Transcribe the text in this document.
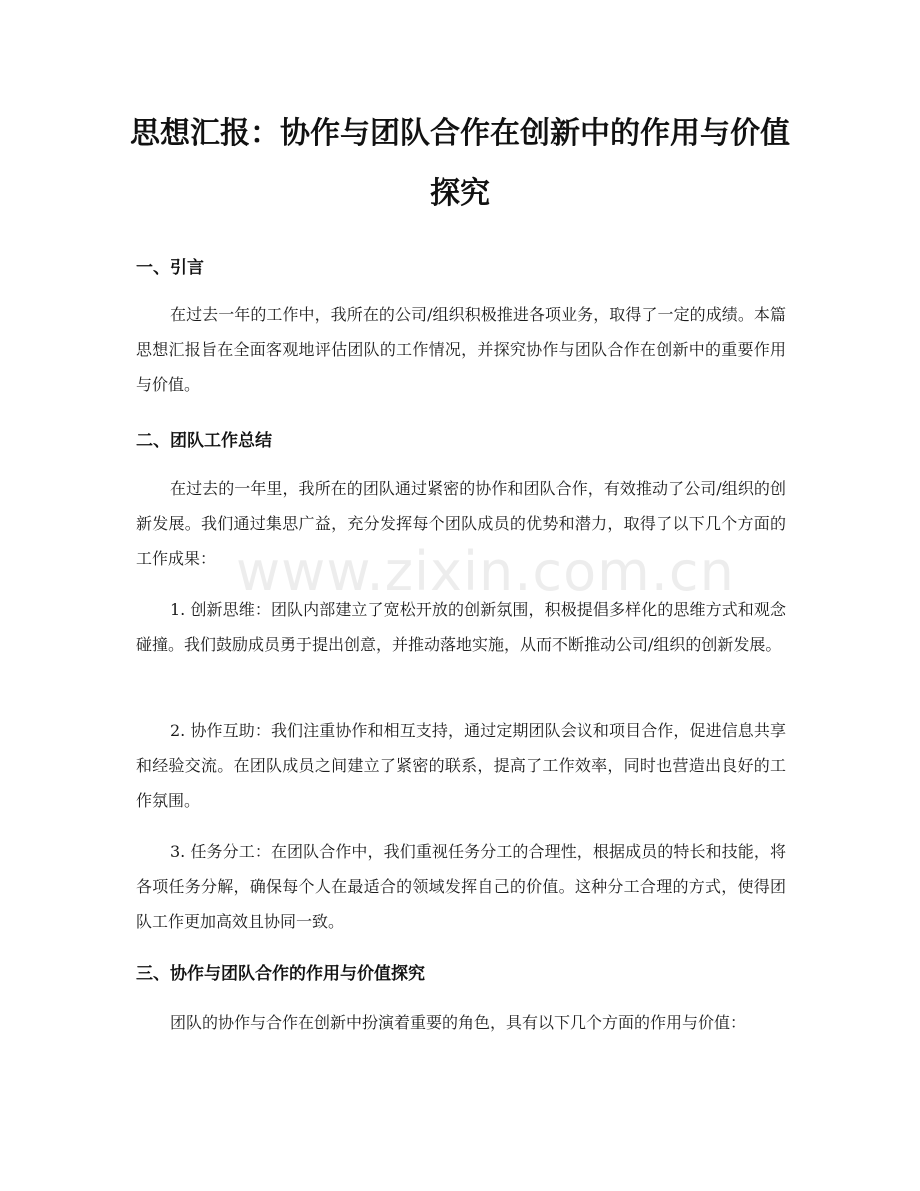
思想汇报：协作与团队合作在创新中的作用与价值探究
www.zixin.com.cn
一、引言

在过去一年的工作中，我所在的公司/组织积极推进各项业务，取得了一定的成绩。本篇思想汇报旨在全面客观地评估团队的工作情况，并探究协作与团队合作在创新中的重要作用与价值。

二、团队工作总结

在过去的一年里，我所在的团队通过紧密的协作和团队合作，有效推动了公司/组织的创新发展。我们通过集思广益，充分发挥每个团队成员的优势和潜力，取得了以下几个方面的工作成果：

1. 创新思维：团队内部建立了宽松开放的创新氛围，积极提倡多样化的思维方式和观念碰撞。我们鼓励成员勇于提出创意，并推动落地实施，从而不断推动公司/组织的创新发展。

2. 协作互助：我们注重协作和相互支持，通过定期团队会议和项目合作，促进信息共享和经验交流。在团队成员之间建立了紧密的联系，提高了工作效率，同时也营造出良好的工作氛围。

3. 任务分工：在团队合作中，我们重视任务分工的合理性，根据成员的特长和技能，将各项任务分解，确保每个人在最适合的领域发挥自己的价值。这种分工合理的方式，使得团队工作更加高效且协同一致。

三、协作与团队合作的作用与价值探究

团队的协作与合作在创新中扮演着重要的角色，具有以下几个方面的作用与价值：
